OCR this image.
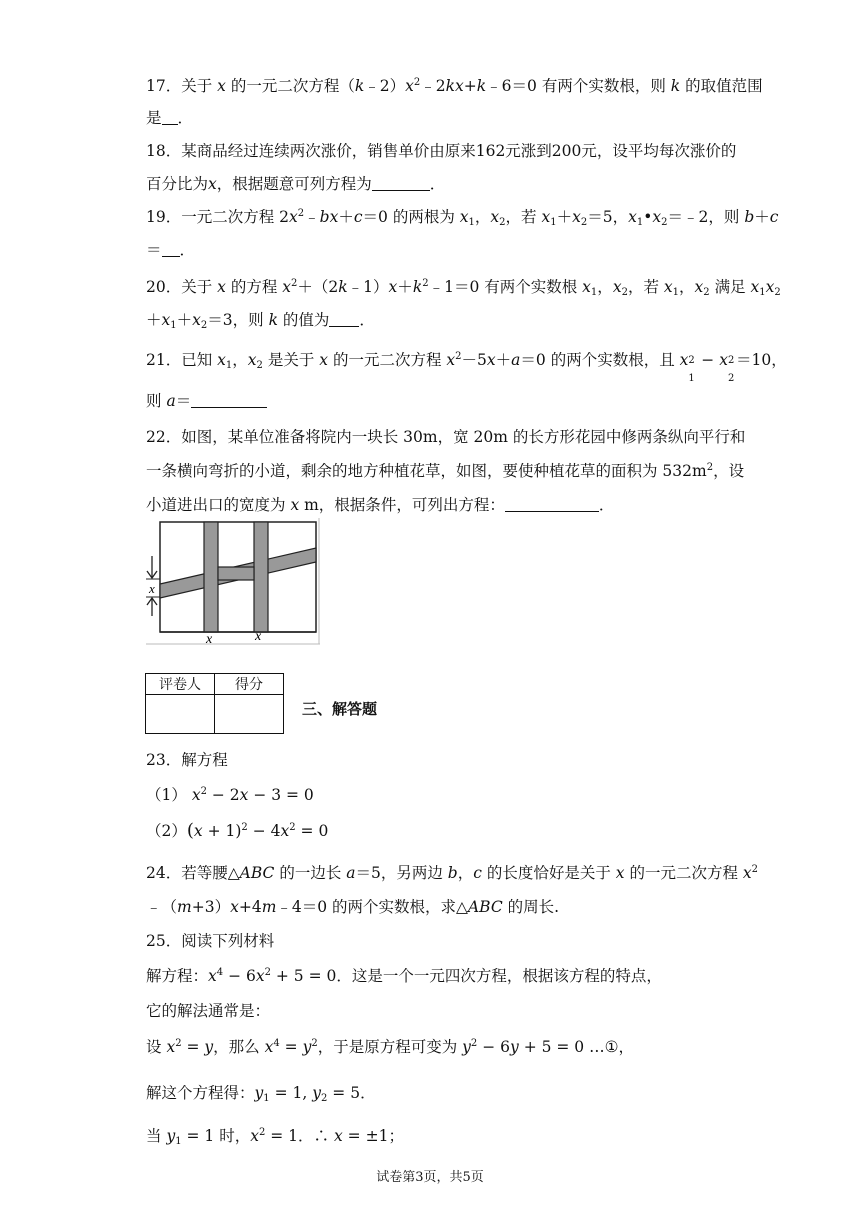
17．关于 x 的一元二次方程$(k﹣2)x^2﹣2kx+k﹣6=0$ 有两个实数根，则 k 的取值范围
是 ．
18．某商品经过连续两次涨价，销售单价由原来162元涨到200元，设平均每次涨价的
百分比为x，根据题意可列方程为	．
19．一元二次方程 $2x^2﹣bx+c=0$ 的两根为 $x_1$，$x_2$，若 $x_1+x_2=5$，$x_1•x_2=﹣2$，则 b＋c
＝ ．
20．关于 x 的方程 $x^2+(2k﹣1)x+k^2﹣1=0$ 有两个实数根 $x_1$，$x_2$，若 $x_1$，$x_2$ 满足 $x_1x_2$
$+x_1+x_2=3$，则 k 的值为 ．
21．已知 $x_1$，$x_2$ 是关于 x 的一元二次方程 $x^2-5x+a=0$ 的两个实数根，且 x 2
1
− x 2
2
＝10，
则 a＝
22．如图，某单位准备将院内一块长 30m，宽 20m 的长方形花园中修两条纵向平行和
一条横向弯折的小道，剩余的地方种植花草，如图，要使种植花草的面积为 $532m^2$，设
小道进出口的宽度为 x m，根据条件，可列出方程：	．
x
x	x
评卷人	得分

三、解答题
23．解方程
（1） $x^2 - 2x - 3 = 0$
$(2)(x + 1)^2 - 4x^2 = 0$
24．若等腰△ABC 的一边长 a＝5，另两边 b，c 的长度恰好是关于 x 的一元二次方程 $x^2$
﹣（m+3）x+4m﹣4＝0 的两个实数根，求△ABC 的周长.
25．阅读下列材料
解方程：$x^4 - 6x^2 + 5 = 0$．这是一个一元四次方程，根据该方程的特点，
它的解法通常是：
设 $x^2 = y$，那么 $x^4 = y^2$，于是原方程可变为 $y^2 - 6y + 5 = 0$ …①，
解这个方程得：$y_1 = 1$, $y_2 = 5$．
当 $y_1 = 1$ 时，$x^2 = 1$．∴ x = ±1；
试卷第3页，共5页
